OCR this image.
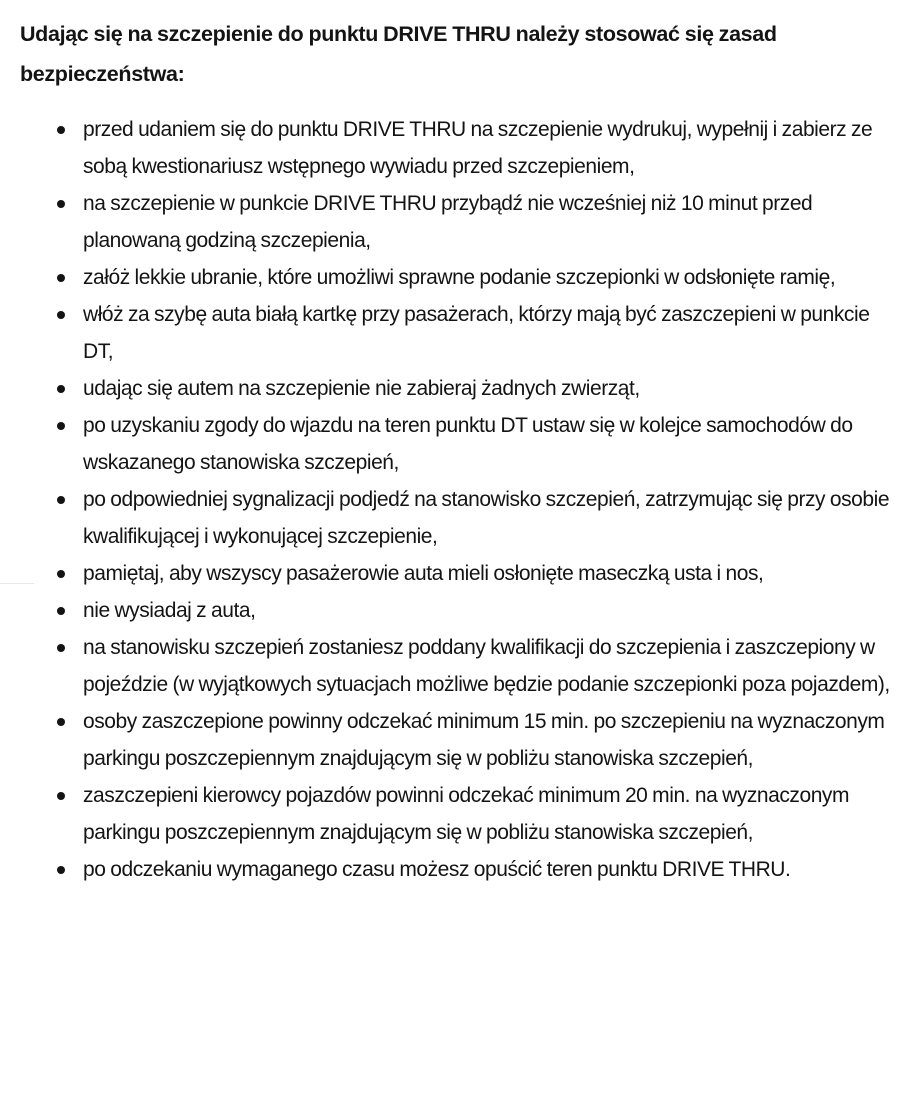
Udając się na szczepienie do punktu DRIVE THRU należy stosować się zasad bezpieczeństwa:
przed udaniem się do punktu DRIVE THRU na szczepienie wydrukuj, wypełnij i zabierz ze sobą kwestionariusz wstępnego wywiadu przed szczepieniem,
na szczepienie w punkcie DRIVE THRU przybądź nie wcześniej niż 10 minut przed planowaną godziną szczepienia,
załóż lekkie ubranie, które umożliwi sprawne podanie szczepionki w odsłonięte ramię,
włóż za szybę auta białą kartkę przy pasażerach, którzy mają być zaszczepieni w punkcie DT,
udając się autem na szczepienie nie zabieraj żadnych zwierząt,
po uzyskaniu zgody do wjazdu na teren punktu DT ustaw się w kolejce samochodów do wskazanego stanowiska szczepień,
po odpowiedniej sygnalizacji podjedź na stanowisko szczepień, zatrzymując się przy osobie kwalifikującej i wykonującej szczepienie,
pamiętaj, aby wszyscy pasażerowie auta mieli osłonięte maseczką usta i nos,
nie wysiadaj z auta,
na stanowisku szczepień zostaniesz poddany kwalifikacji do szczepienia i zaszczepiony w pojeździe (w wyjątkowych sytuacjach możliwe będzie podanie szczepionki poza pojazdem),
osoby zaszczepione powinny odczekać minimum 15 min. po szczepieniu na wyznaczonym parkingu poszczepiennym znajdującym się w pobliżu stanowiska szczepień,
zaszczepieni kierowcy pojazdów powinni odczekać minimum 20 min. na wyznaczonym parkingu poszczepiennym znajdującym się w pobliżu stanowiska szczepień,
po odczekaniu wymaganego czasu możesz opuścić teren punktu DRIVE THRU.
